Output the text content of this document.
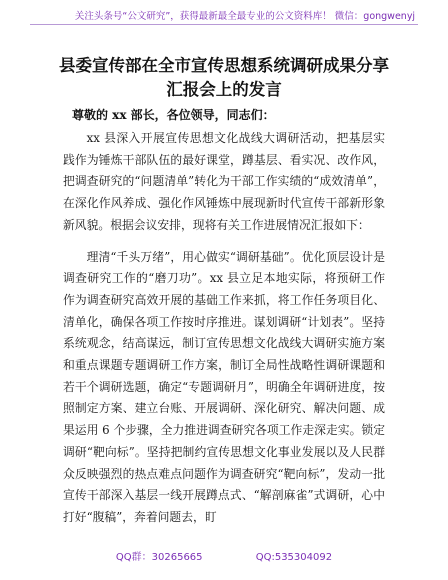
关注头条号“公文研究”，获得最新最全最专业的公文资料库！ 微信：gongwenyj
县委宣传部在全市宣传思想系统调研成果分享
汇报会上的发言
尊敬的 xx 部长，各位领导，同志们：

xx 县深入开展宣传思想文化战线大调研活动，把基层实践作为锤炼干部队伍的最好课堂，蹲基层、看实况、改作风，把调查研究的“问题清单”转化为干部工作实绩的“成效清单”，在深化作风养成、强化作风锤炼中展现新时代宣传干部新形象新风貌。根据会议安排，现将有关工作进展情况汇报如下：

理清“千头万绪”，用心做实“调研基础”。优化顶层设计是调查研究工作的“磨刀功”。xx 县立足本地实际，将预研工作作为调查研究高效开展的基础工作来抓，将工作任务项目化、清单化，确保各项工作按时序推进。谋划调研“计划表”。坚持系统观念，结高谋远，制订宣传思想文化战线大调研实施方案和重点课题专题调研工作方案，制订全局性战略性调研课题和若干个调研选题，确定“专题调研月”，明确全年调研进度，按照制定方案、建立台账、开展调研、深化研究、解决问题、成果运用 6 个步骤，全力推进调查研究各项工作走深走实。锁定调研“靶向标”。坚持把制约宣传思想文化事业发展以及人民群众反映强烈的热点难点问题作为调查研究“靶向标”，发动一批宣传干部深入基层一线开展蹲点式、“解剖麻雀”式调研，心中打好“腹稿”，奔着问题去，盯

QQ群：30265665	QQ:535304092
